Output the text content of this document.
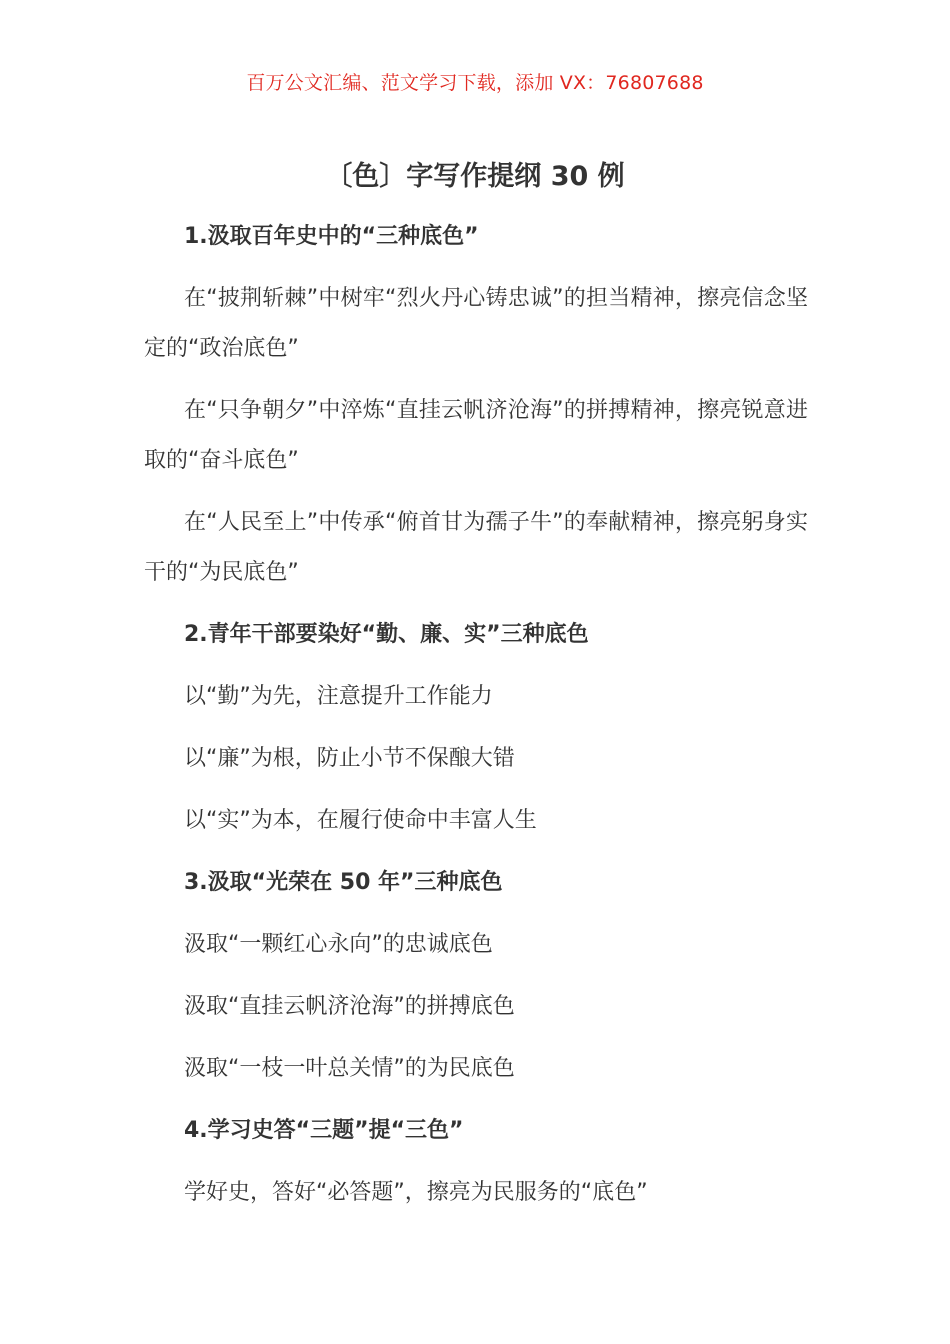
百万公文汇编、范文学习下载，添加 VX：76807688
〔色〕字写作提纲 30 例
1.汲取百年史中的“三种底色”
在“披荆斩棘”中树牢“烈火丹心铸忠诚”的担当精神，擦亮信念坚定的“政治底色”
在“只争朝夕”中淬炼“直挂云帆济沧海”的拼搏精神，擦亮锐意进取的“奋斗底色”
在“人民至上”中传承“俯首甘为孺子牛”的奉献精神，擦亮躬身实干的“为民底色”
2.青年干部要染好“勤、廉、实”三种底色
以“勤”为先，注意提升工作能力
以“廉”为根，防止小节不保酿大错
以“实”为本，在履行使命中丰富人生
3.汲取“光荣在 50 年”三种底色
汲取“一颗红心永向”的忠诚底色
汲取“直挂云帆济沧海”的拼搏底色
汲取“一枝一叶总关情”的为民底色
4.学习史答“三题”提“三色”
学好史，答好“必答题”，擦亮为民服务的“底色”
